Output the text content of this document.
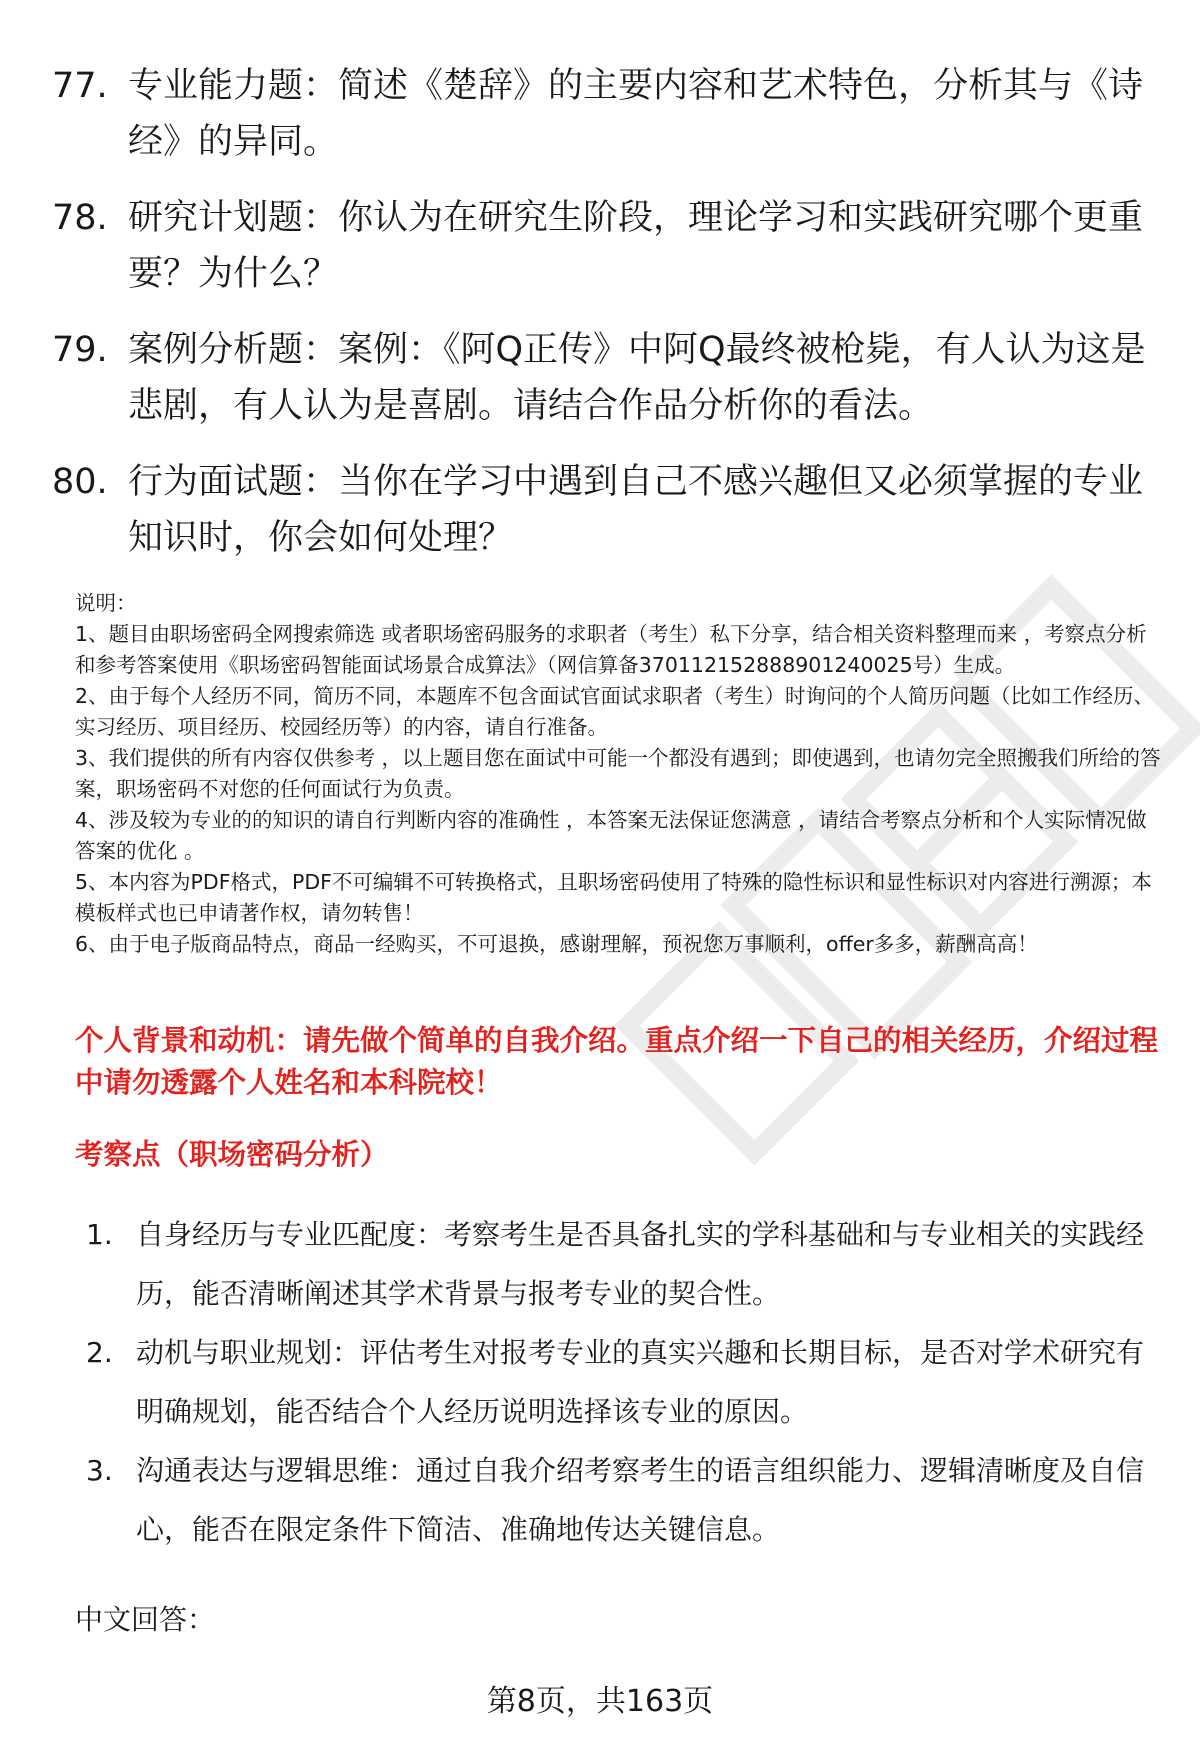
77. 专业能力题：简述《楚辞》的主要内容和艺术特色，分析其与《诗经》的异同。
78. 研究计划题：你认为在研究生阶段，理论学习和实践研究哪个更重要？为什么？
79. 案例分析题：案例：《阿Q正传》中阿Q最终被枪毙，有人认为这是悲剧，有人认为是喜剧。请结合作品分析你的看法。
80. 行为面试题：当你在学习中遇到自己不感兴趣但又必须掌握的专业知识时，你会如何处理？

说明：

1、题目由职场密码全网搜索筛选 或者职场密码服务的求职者（考生）私下分享，结合相关资料整理而来 ，考察点分析和参考答案使用《职场密码智能面试场景合成算法》（网信算备370112152888901240025号）生成。

2、由于每个人经历不同，简历不同，本题库不包含面试官面试求职者（考生）时询问的个人简历问题（比如工作经历、实习经历、项目经历、校园经历等）的内容，请自行准备。

3、我们提供的所有内容仅供参考 ，以上题目您在面试中可能一个都没有遇到；即使遇到，也请勿完全照搬我们所给的答案，职场密码不对您的任何面试行为负责。

4、涉及较为专业的的知识的请自行判断内容的准确性 ，本答案无法保证您满意 ，请结合考察点分析和个人实际情况做答案的优化 。

5、本内容为PDF格式，PDF不可编辑不可转换格式，且职场密码使用了特殊的隐性标识和显性标识对内容进行溯源；本模板样式也已申请著作权，请勿转售！

6、由于电子版商品特点，商品一经购买，不可退换，感谢理解，预祝您万事顺利，offer多多，薪酬高高！

个人背景和动机：请先做个简单的自我介绍。重点介绍一下自己的相关经历，介绍过程中请勿透露个人姓名和本科院校！
考察点（职场密码分析）
1. 自身经历与专业匹配度：考察考生是否具备扎实的学科基础和与专业相关的实践经历，能否清晰阐述其学术背景与报考专业的契合性。
2. 动机与职业规划：评估考生对报考专业的真实兴趣和长期目标，是否对学术研究有明确规划，能否结合个人经历说明选择该专业的原因。
3. 沟通表达与逻辑思维：通过自我介绍考察考生的语言组织能力、逻辑清晰度及自信心，能否在限定条件下简洁、准确地传达关键信息。
中文回答：
第8页，共163页
